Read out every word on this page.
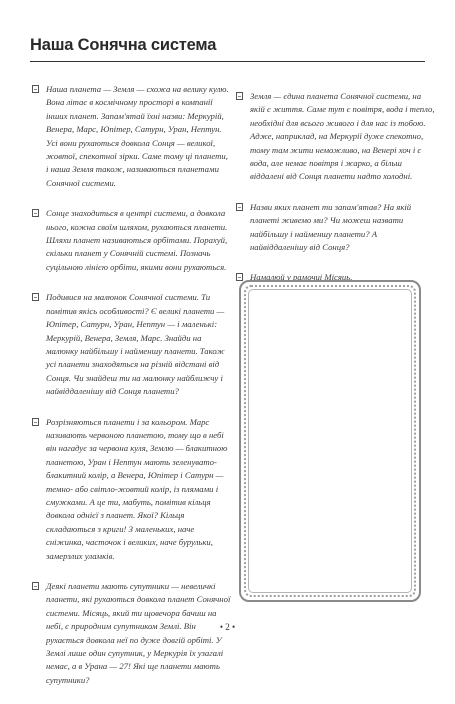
Наша Сонячна система
Наша планета — Земля — схожа на велику кулю. Вона літає в космічному просторі в компанії інших планет. Запам'ятай їхні назви: Меркурій, Венера, Марс, Юпітер, Сатурн, Уран, Нептун. Усі вони рухаються довкола Сонця — великої, жовтої, спекотної зірки. Саме тому ці планети, і наша Земля також, називаються планетами Сонячної системи.
Сонце знаходиться в центрі системи, а довкола нього, кожна своїм шляхом, рухаються планети. Шляхи планет називаються орбітами. Порахуй, скільки планет у Сонячній системі. Позначь суцільною лінією орбіти, якими вони рухаються.
Подивися на малюнок Сонячної системи. Ти помітив якісь особливості? Є великі планети — Юпітер, Сатурн, Уран, Нептун — і маленькі: Меркурій, Венера, Земля, Марс. Знайди на малюнку найбільшу і найменшу планети. Також усі планети знаходяться на різній відстані від Сонця. Чи знайдеш ти на малюнку найближчу і найвіддаленішу від Сонця планети?
Розрізняються планети і за кольором. Марс називають червоною планетою, тому що в небі він нагадує за червона куля, Землю — блакитною планетою, Уран і Нептун мають зеленувато-блакитний колір, а Венера, Юпітер і Сатурн — темно- або світло-жовтий колір, із плямами і смужками. А це ти, мабуть, помітив кільця довкола однієї з планет. Якої? Кільця складаються з криги! З маленьких, наче сніжинка, часточок і великих, наче бурульки, замерзлих уламків.
Деякі планети мають супутники — невеличкі планети, які рухаються довкола планет Сонячної системи. Місяць, який ти щовечора бачиш на небі, є природним супутником Землі. Він рухається довкола неї по дуже довгій орбіті. У Землі лише один супутник, у Меркурія їх узагалі немає, а в Урана — 27! Які ще планети мають супутники?
Земля — єдина планета Сонячної системи, на якій є життя. Саме тут є повітря, вода і тепло, необхідні для всього живого і для нас із тобою. Адже, наприклад, на Меркурії дуже спекотно, тому там жити неможливо, на Венері хоч і є вода, але немає повітря і жарко, а більш віддалені від Сонця планети надто холодні.
Назви яких планет ти запам'ятав? На якій планеті живемо ми? Чи можеш назвати найбільшу і найменшу планети? А найвіддаленішу від Сонця?
Намалюй у рамочці Місяць.
• 2 •
